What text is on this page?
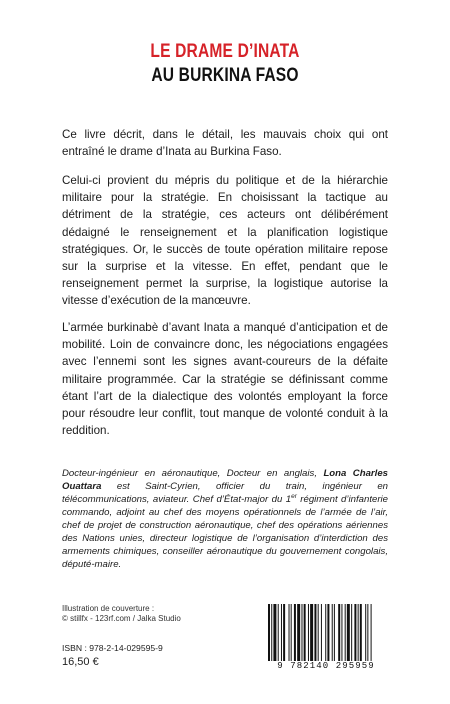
LE DRAME D’INATA
AU BURKINA FASO

Ce livre décrit, dans le détail, les mauvais choix qui ont entraîné le drame d’Inata au Burkina Faso.

Celui-ci provient du mépris du politique et de la hiérarchie militaire pour la stratégie. En choisissant la tactique au détriment de la stratégie, ces acteurs ont délibérément dédaigné le renseignement et la planification logistique stratégiques. Or, le succès de toute opération militaire repose sur la surprise et la vitesse. En effet, pendant que le renseignement permet la surprise, la logistique autorise la vitesse d’exécution de la manœuvre.

L’armée burkinabè d’avant Inata a manqué d’anticipation et de mobilité. Loin de convaincre donc, les négociations engagées avec l’ennemi sont les signes avant-coureurs de la défaite militaire programmée. Car la stratégie se définissant comme étant l’art de la dialectique des volontés employant la force pour résoudre leur conflit, tout manque de volonté conduit à la reddition.

Docteur-ingénieur en aéronautique, Docteur en anglais, Lona Charles Ouattara est Saint-Cyrien, officier du train, ingénieur en télécommunications, aviateur. Chef d’État-major du 1er régiment d’infanterie commando, adjoint au chef des moyens opérationnels de l’armée de l’air, chef de projet de construction aéronautique, chef des opérations aériennes des Nations unies, directeur logistique de l’organisation d’interdiction des armements chimiques, conseiller aéronautique du gouvernement congolais, député-maire.
Illustration de couverture :
© stillfx - 123rf.com / Jalka Studio
ISBN : 978-2-14-029595-9
16,50 €	9 782140 295959
